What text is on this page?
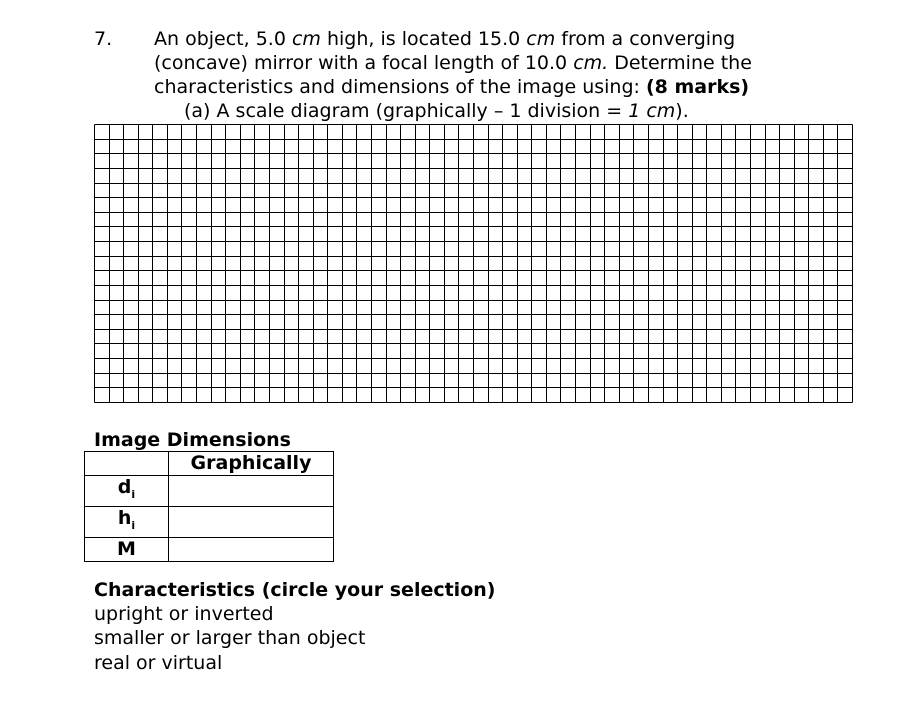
7. An object, 5.0 cm high, is located 15.0 cm from a converging
(concave) mirror with a focal length of 10.0 cm. Determine the
characteristics and dimensions of the image using: (8 marks)
(a) A scale diagram (graphically – 1 division = 1 cm).
Image Dimensions
	Graphically
$d_i$	
$h_i$	
M	
Characteristics (circle your selection)
upright or inverted
smaller or larger than object
real or virtual
